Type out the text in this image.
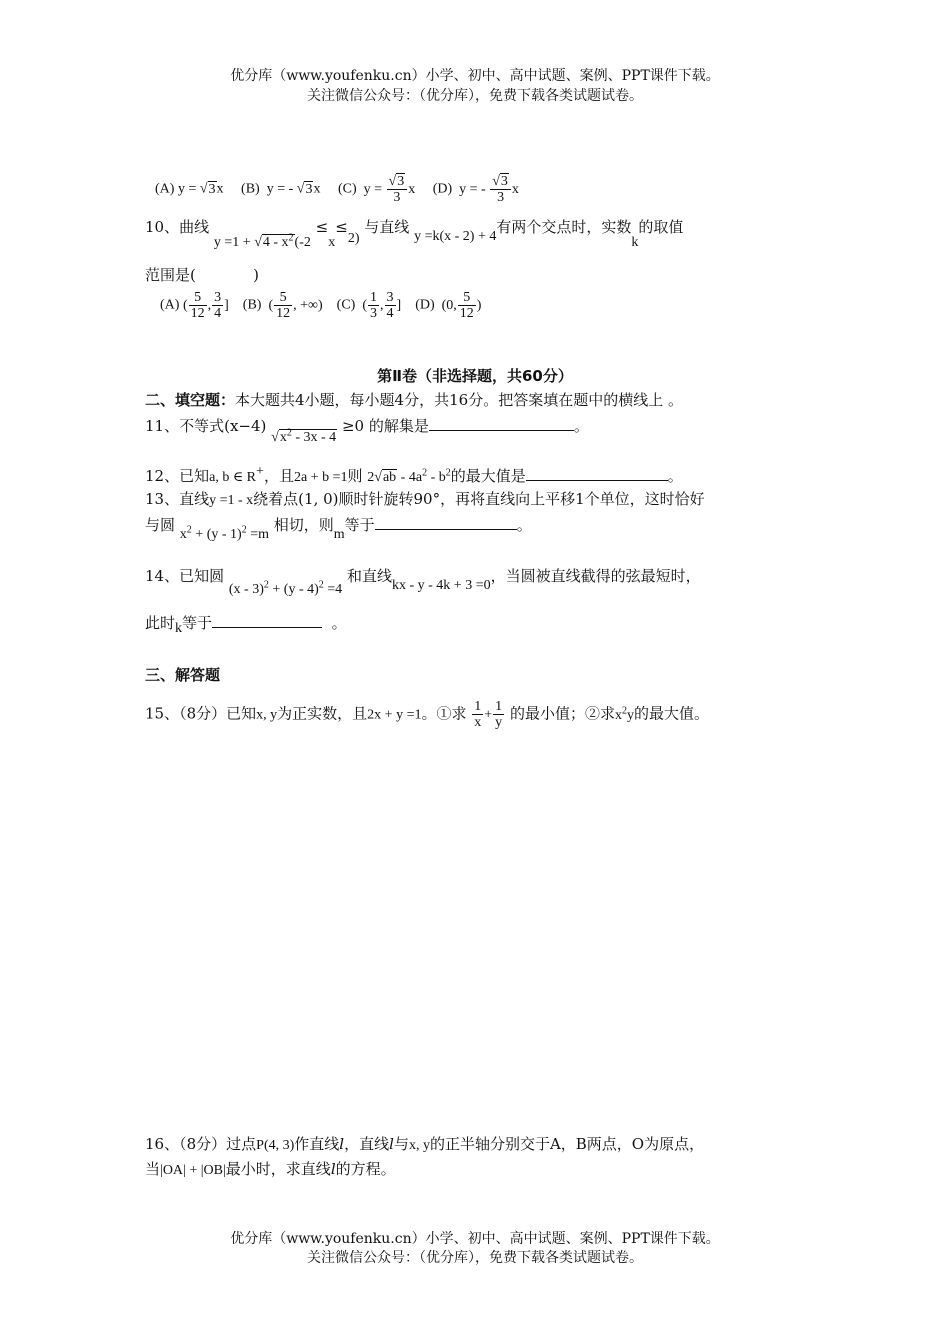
优分库（www.youfenku.cn）小学、初中、高中试题、案例、PPT课件下载。
关注微信公众号：（优分库），免费下载各类试题试卷。
(A) y = √3x (B) y = - √3x (C) $y = \frac{√3}{3}$ x (D) y = - $\frac{√3}{3}$ x
10、曲线 $y =1 + √4 - x^2(-2 \le x\le 2)$ 与直线 y =k(x - 2) + 4有两个交点时，实数k的取值
范围是(	)
(A) ( $\frac{5}{12}$ , $\frac{3}{4}$ ] (B) ( $\frac{5}{12}$ , +∞) (C) ( $\frac{1}{3}$ , $\frac{3}{4}$ ] (D) (0, $\frac{5}{12}$ )
第Ⅱ卷（非选择题，共60分）
二、填空题：本大题共4小题，每小题4分，共16分。把答案填在题中的横线上 。
11、不等式(x−4) $√x^2 - 3x - 4 \ge 0$ 的解集是	。
12、已知a, b ∈ R+，且2a + b =1则 $2√ab - 4a^2 - b^2$的最大值是	。
13、直线y =1 - x绕着点(1, 0)顺时针旋转90°，再将直线向上平移1个单位，这时恰好
与圆 $x^2 + (y - 1)^2 =m$ 相切，则m等于	。
14、已知圆 (x - 3)$^2$ + (y - 4)$^2$ =4 和直线kx - y - 4k + 3 =0，当圆被直线截得的弦最短时，
此时k等于	。
三、解答题
15、（8分）已知x, y为正实数，且2x + y =1。①求 $\frac{1}{x} + \frac{1}{y}$ 的最小值；②求$x^2y$的最大值。
16、（8分）过点P(4, 3)作直线l，直线l与x, y的正半轴分别交于A，B两点，O为原点，
当|OA| + |OB|最小时，求直线l的方程。
优分库（www.youfenku.cn）小学、初中、高中试题、案例、PPT课件下载。
关注微信公众号：（优分库），免费下载各类试题试卷。
